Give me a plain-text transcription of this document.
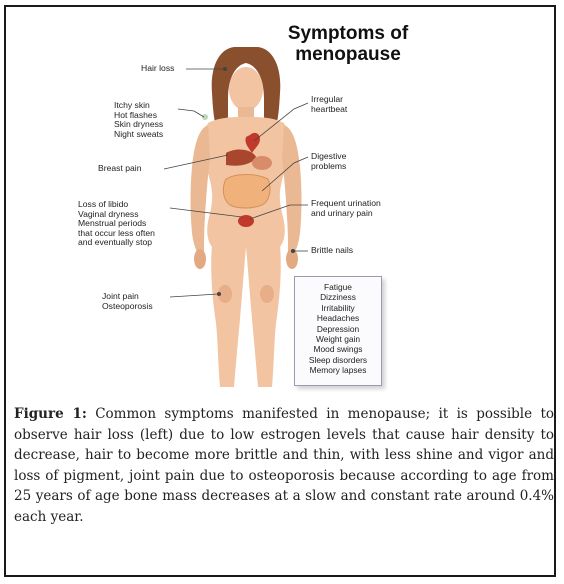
Symptoms of menopause
Hair loss
Itchy skin
Hot flashes
Skin dryness
Night sweats
Breast pain
Loss of libido
Vaginal dryness
Menstrual periods
that occur less often
and eventually stop
Joint pain
Osteoporosis
Irregular
heartbeat
Digestive
problems
Frequent urination
and urinary pain
Brittle nails
Fatigue
Dizziness
Irritability
Headaches
Depression
Weight gain
Mood swings
Sleep disorders
Memory lapses
Figure 1: Common symptoms manifested in menopause; it is possible to observe hair loss (left) due to low estrogen levels that cause hair density to decrease, hair to become more brittle and thin, with less shine and vigor and loss of pigment, joint pain due to osteoporosis because according to age from 25 years of age bone mass decreases at a slow and constant rate around 0.4% each year.
